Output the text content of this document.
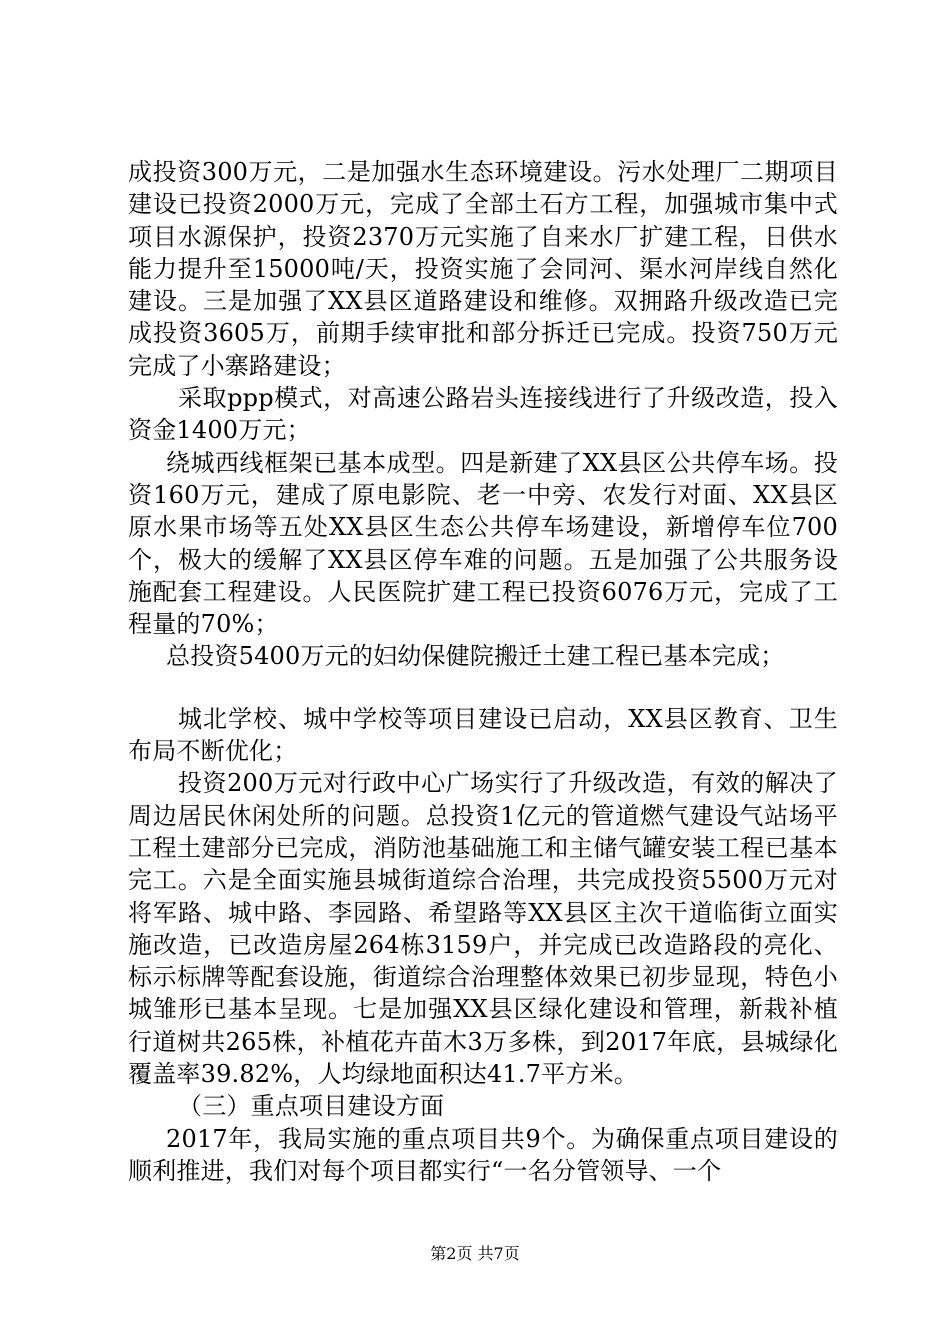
成投资300万元，二是加强水生态环境建设。污水处理厂二期项目建设已投资2000万元，完成了全部土石方工程，加强城市集中式项目水源保护，投资2370万元实施了自来水厂扩建工程，日供水能力提升至15000吨/天，投资实施了会同河、渠水河岸线自然化建设。三是加强了XX县区道路建设和维修。双拥路升级改造已完成投资3605万，前期手续审批和部分拆迁已完成。投资750万元完成了小寨路建设；

采取ppp模式，对高速公路岩头连接线进行了升级改造，投入资金1400万元；

绕城西线框架已基本成型。四是新建了XX县区公共停车场。投资160万元，建成了原电影院、老一中旁、农发行对面、XX县区原水果市场等五处XX县区生态公共停车场建设，新增停车位700个，极大的缓解了XX县区停车难的问题。五是加强了公共服务设施配套工程建设。人民医院扩建工程已投资6076万元，完成了工程量的70%；

总投资5400万元的妇幼保健院搬迁土建工程已基本完成；

城北学校、城中学校等项目建设已启动，XX县区教育、卫生布局不断优化；

投资200万元对行政中心广场实行了升级改造，有效的解决了周边居民休闲处所的问题。总投资1亿元的管道燃气建设气站场平工程土建部分已完成，消防池基础施工和主储气罐安装工程已基本完工。六是全面实施县城街道综合治理，共完成投资5500万元对将军路、城中路、李园路、希望路等XX县区主次干道临街立面实施改造，已改造房屋264栋3159户，并完成已改造路段的亮化、标示标牌等配套设施，街道综合治理整体效果已初步显现，特色小城雏形已基本呈现。七是加强XX县区绿化建设和管理，新栽补植行道树共265株，补植花卉苗木3万多株，到2017年底，县城绿化覆盖率39.82%，人均绿地面积达41.7平方米。

（三）重点项目建设方面

2017年，我局实施的重点项目共9个。为确保重点项目建设的顺利推进，我们对每个项目都实行“一名分管领导、一个

第2页 共7页
